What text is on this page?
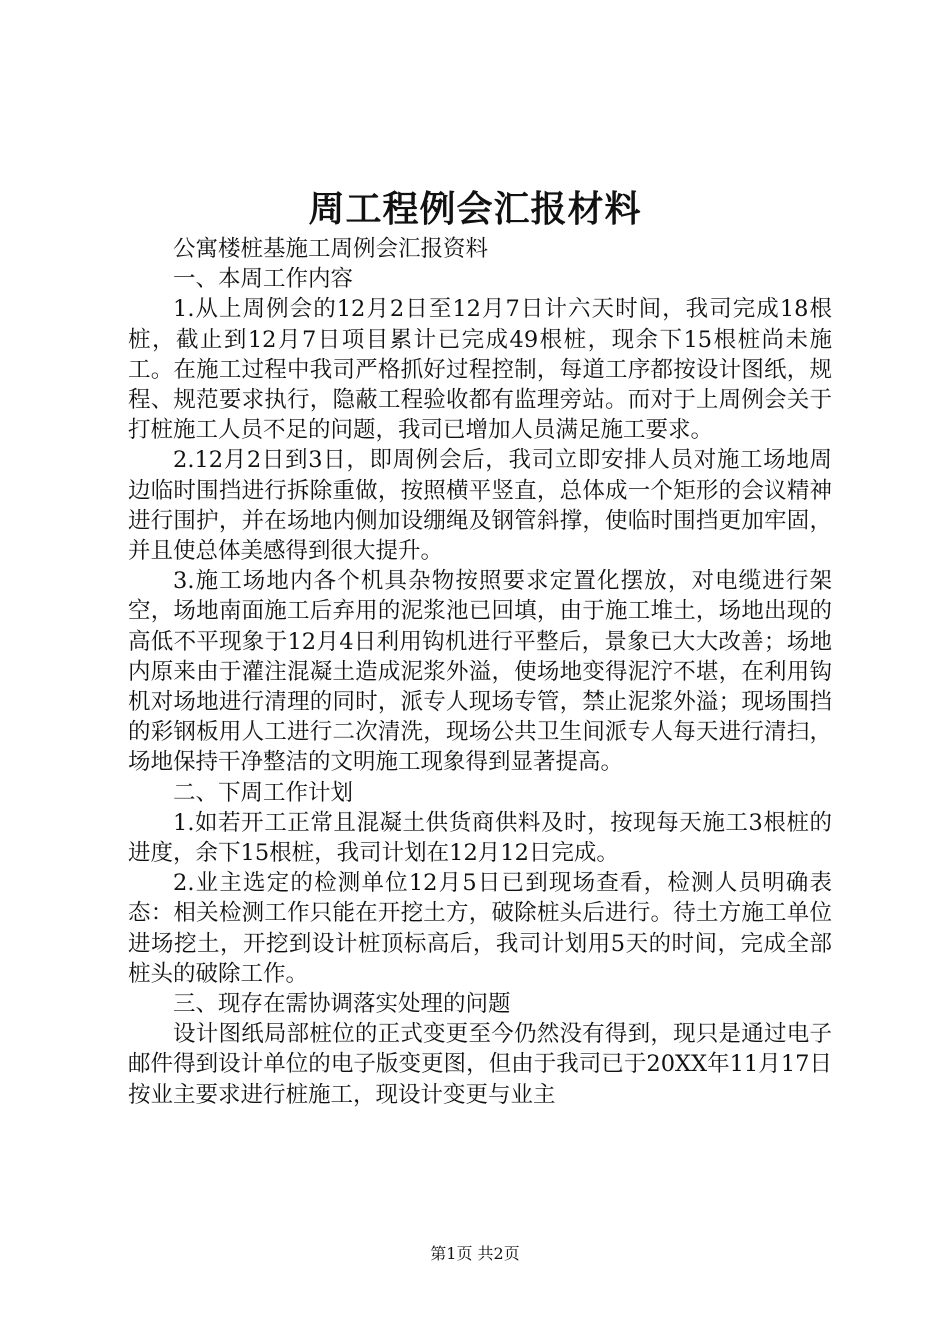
周工程例会汇报材料

公寓楼桩基施工周例会汇报资料

一、本周工作内容

1.从上周例会的12月2日至12月7日计六天时间，我司完成18根桩，截止到12月7日项目累计已完成49根桩，现余下15根桩尚未施工。在施工过程中我司严格抓好过程控制，每道工序都按设计图纸，规程、规范要求执行，隐蔽工程验收都有监理旁站。而对于上周例会关于打桩施工人员不足的问题，我司已增加人员满足施工要求。

2.12月2日到3日，即周例会后，我司立即安排人员对施工场地周边临时围挡进行拆除重做，按照横平竖直，总体成一个矩形的会议精神进行围护，并在场地内侧加设绷绳及钢管斜撑，使临时围挡更加牢固，并且使总体美感得到很大提升。

3.施工场地内各个机具杂物按照要求定置化摆放，对电缆进行架空，场地南面施工后弃用的泥浆池已回填，由于施工堆土，场地出现的高低不平现象于12月4日利用钩机进行平整后，景象已大大改善；场地内原来由于灌注混凝土造成泥浆外溢，使场地变得泥泞不堪，在利用钩机对场地进行清理的同时，派专人现场专管，禁止泥浆外溢；现场围挡的彩钢板用人工进行二次清洗，现场公共卫生间派专人每天进行清扫，场地保持干净整洁的文明施工现象得到显著提高。

二、下周工作计划

1.如若开工正常且混凝土供货商供料及时，按现每天施工3根桩的进度，余下15根桩，我司计划在12月12日完成。

2.业主选定的检测单位12月5日已到现场查看，检测人员明确表态：相关检测工作只能在开挖土方，破除桩头后进行。待土方施工单位进场挖土，开挖到设计桩顶标高后，我司计划用5天的时间，完成全部桩头的破除工作。

三、现存在需协调落实处理的问题

设计图纸局部桩位的正式变更至今仍然没有得到，现只是通过电子邮件得到设计单位的电子版变更图，但由于我司已于20XX年11月17日按业主要求进行桩施工，现设计变更与业主

第1页 共2页
